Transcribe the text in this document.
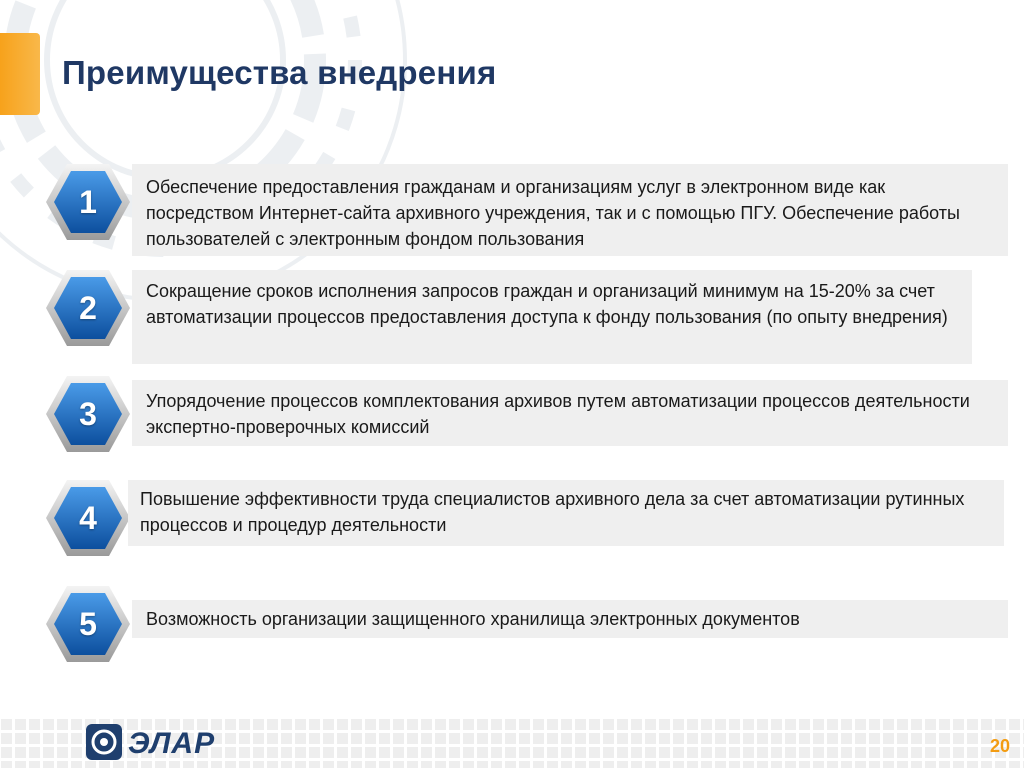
Преимущества внедрения
1	Обеспечение предоставления гражданам и организациям услуг в электронном виде как посредством Интернет-сайта архивного учреждения, так и с помощью ПГУ. Обеспечение работы пользователей с электронным фондом пользования
2	Сокращение сроков исполнения запросов граждан и организаций минимум на 15-20% за счет автоматизации процессов предоставления доступа к фонду пользования (по опыту внедрения)
3	Упорядочение процессов комплектования архивов путем автоматизации процессов деятельности экспертно-проверочных комиссий
4
Повышение эффективности труда специалистов архивного дела за счет автоматизации рутинных процессов и процедур деятельности
5	Возможность организации защищенного хранилища электронных документов
ЭЛАР	20
